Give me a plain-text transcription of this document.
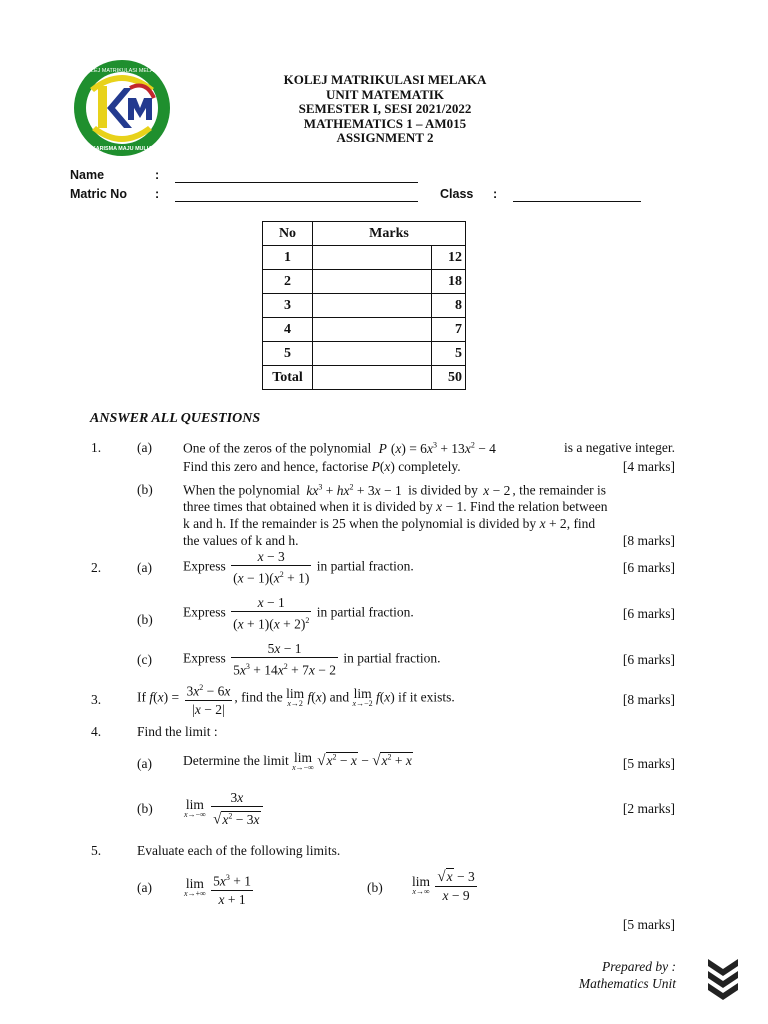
KOLEJ MATRIKULASI MELAKA
KARISMA MAJU MULIA
KOLEJ MATRIKULASI MELAKA
UNIT MATEMATIK
SEMESTER I, SESI 2021/2022
MATHEMATICS 1 – AM015
ASSIGNMENT 2
Name	:
Matric No :	Class :
No	Marks	
1		12
2		18
3		8
4		7
5		5
Total		50
ANSWER ALL QUESTIONS
1.	(a) One of the zeros of the polynomial P $(x) = 6x^3 + 13x^2 - 4$	is a negative integer.
Find this zero and hence, factorise P(x) completely.	[4 marks]
(b) When the polynomial $kx^3 + hx^2 + 3x - 1$ is divided by x − 2 , the remainder is
three times that obtained when it is divided by x − 1. Find the relation between
k and h. If the remainder is 25 when the polynomial is divided by x + 2, find
the values of k and h.	[8 marks]
2.	(a) Express $\frac{x - 3}{(x - 1)(x^2 + 1)}$ in partial fraction.	[6 marks]
(b)
Express $\frac{x - 1}{(x + 1)(x + 2)^2}$ in partial fraction.	[6 marks]
(c) Express $\frac{5x - 1}{5x^3 + 14x^2 + 7x - 2}$ in partial fraction.	[6 marks]
3.	If $f(x) = \frac{3x^2 - 6x}{|x - 2|}$ , find the lim
x→2 f(x) and lim
x→−2 f(x) if it exists.	[8 marks]
4.	Find the limit :
(a) Determine the limit lim
x→−∞ $√x^2 - x - √x^2 + x$	[5 marks]
(b) lim
x→−∞
$\frac{3x}{√x^2 - 3x}$	[2 marks]
5.	Evaluate each of the following limits.
(a)	lim
x→+∞
$\frac{5x^3 + 1}{x + 1}$	(b) lim
x→∞
$\frac{√x - 3}{x - 9}$
[5 marks]
Prepared by :
Mathematics Unit
